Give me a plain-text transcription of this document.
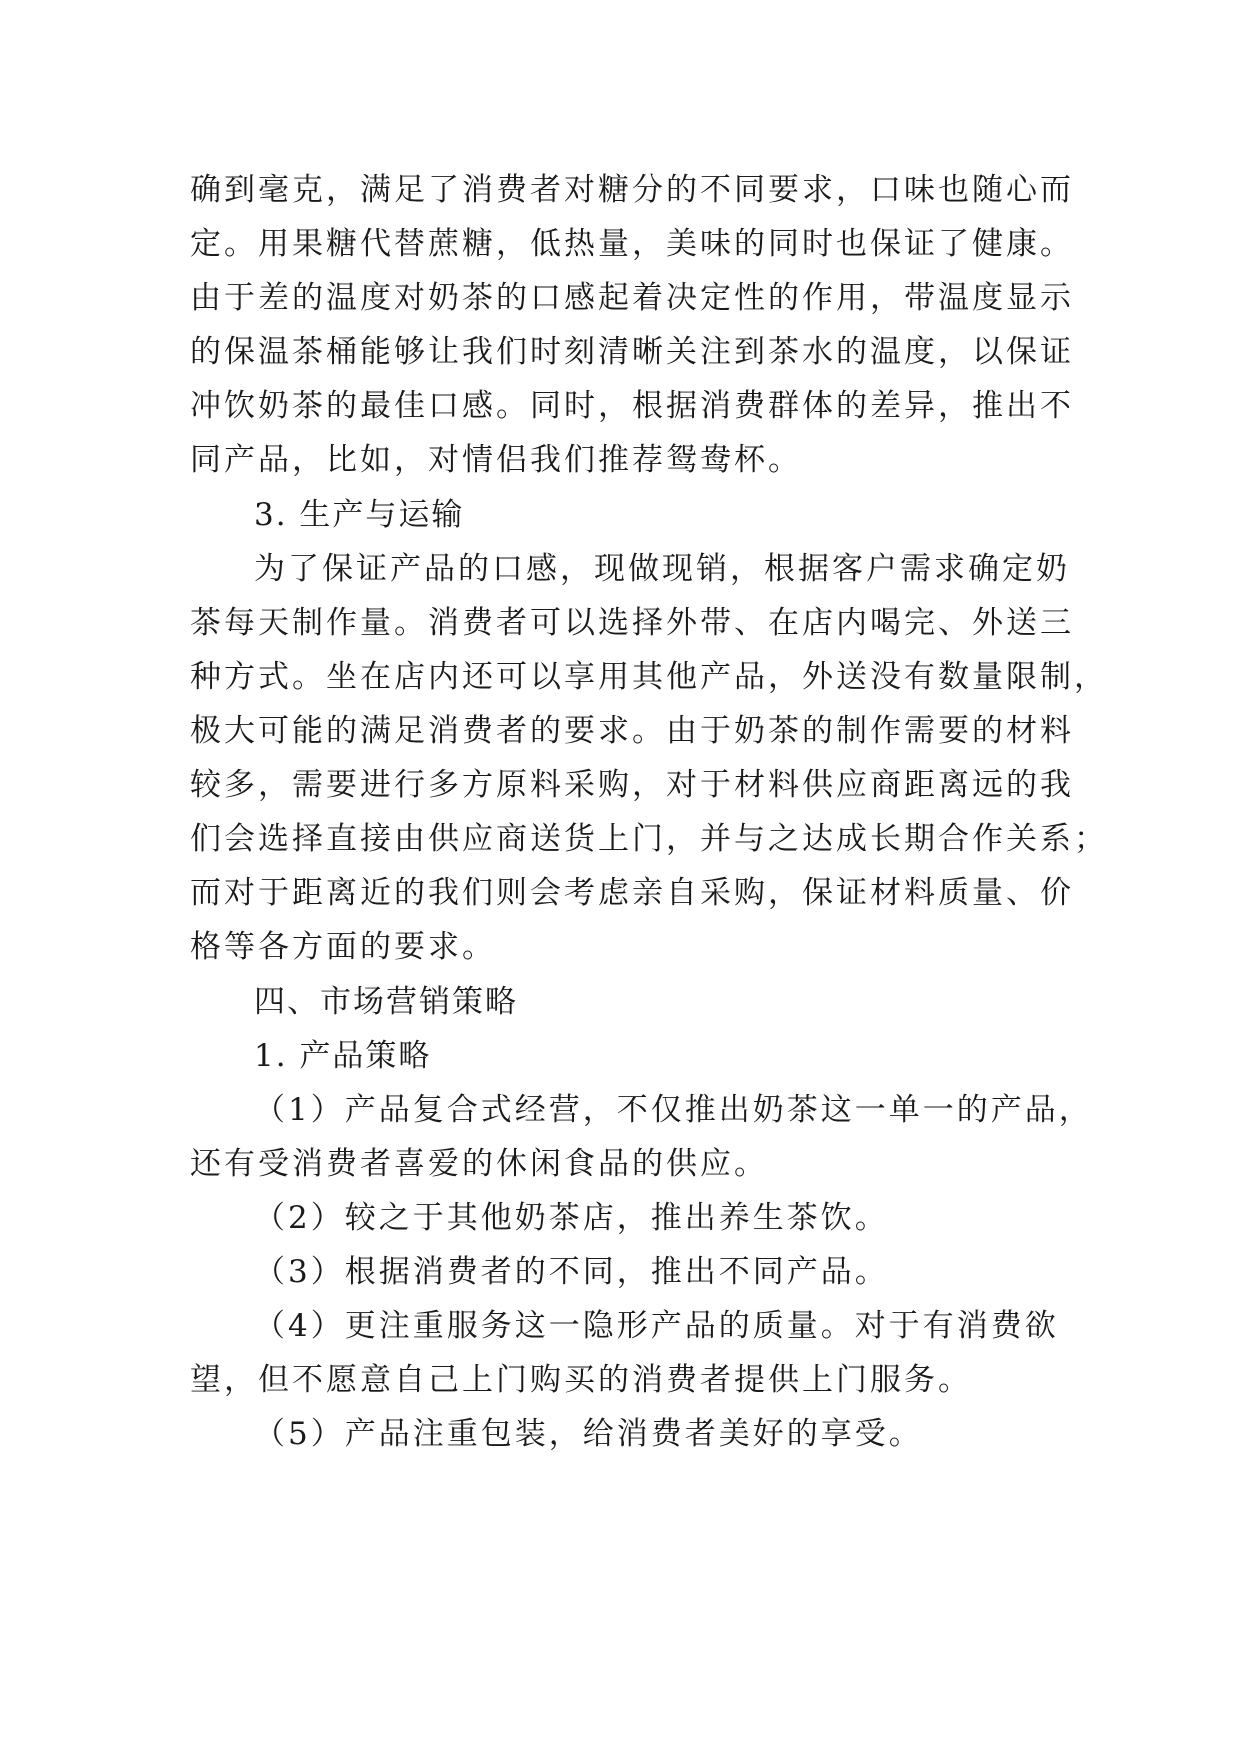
确到毫克，满足了消费者对糖分的不同要求，口味也随心而
定。用果糖代替蔗糖，低热量，美味的同时也保证了健康。
由于差的温度对奶茶的口感起着决定性的作用，带温度显示
的保温茶桶能够让我们时刻清晰关注到茶水的温度，以保证
冲饮奶茶的最佳口感。同时，根据消费群体的差异，推出不
同产品，比如，对情侣我们推荐鸳鸯杯。
3. 生产与运输
为了保证产品的口感，现做现销，根据客户需求确定奶
茶每天制作量。消费者可以选择外带、在店内喝完、外送三
种方式。坐在店内还可以享用其他产品，外送没有数量限制，
极大可能的满足消费者的要求。由于奶茶的制作需要的材料
较多，需要进行多方原料采购，对于材料供应商距离远的我
们会选择直接由供应商送货上门，并与之达成长期合作关系；
而对于距离近的我们则会考虑亲自采购，保证材料质量、价
格等各方面的要求。
四、市场营销策略
1. 产品策略
（1）产品复合式经营，不仅推出奶茶这一单一的产品，
还有受消费者喜爱的休闲食品的供应。
（2）较之于其他奶茶店，推出养生茶饮。
（3）根据消费者的不同，推出不同产品。
（4）更注重服务这一隐形产品的质量。对于有消费欲
望，但不愿意自己上门购买的消费者提供上门服务。
（5）产品注重包装，给消费者美好的享受。
